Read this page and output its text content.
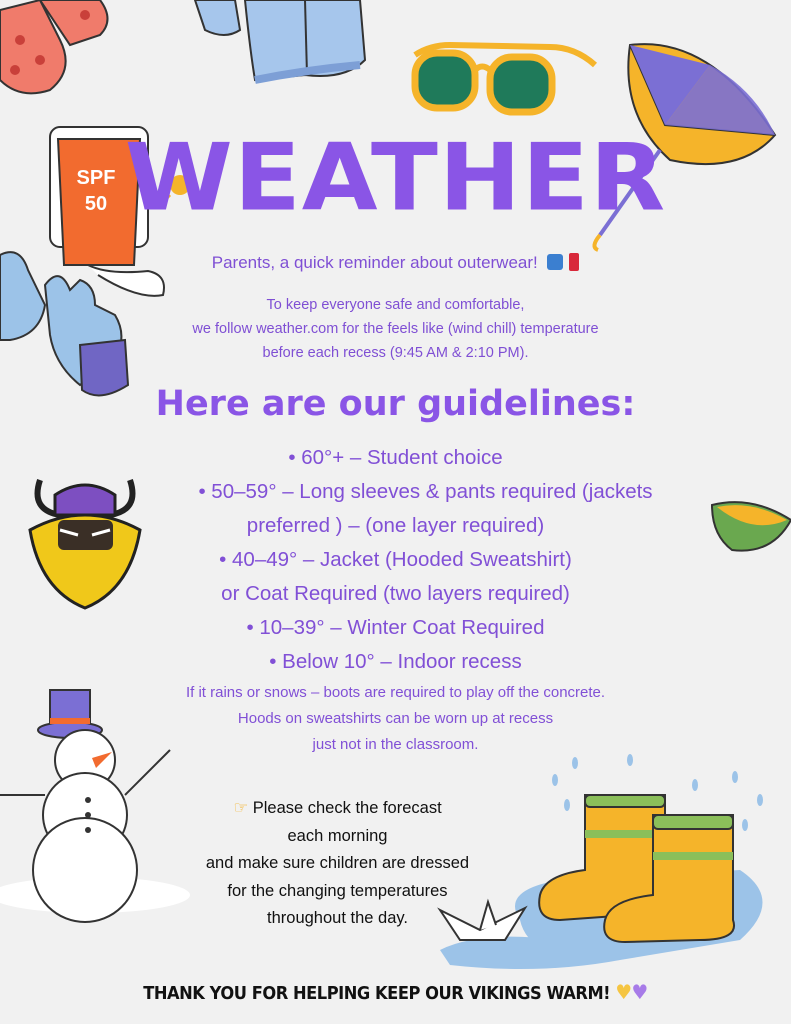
SPF
50 WEATHER
Parents, a quick reminder about outerwear!
To keep everyone safe and comfortable,
we follow weather.com for the feels like (wind chill) temperature
before each recess (9:45 AM & 2:10 PM).
Here are our guidelines:
• 60°+ – Student choice
• 50–59° – Long sleeves & pants required (jackets
preferred ) – (one layer required)
• 40–49° – Jacket (Hooded Sweatshirt)
or Coat Required (two layers required)
• 10–39° – Winter Coat Required
• Below 10° – Indoor recess
If it rains or snows – boots are required to play off the concrete.
Hoods on sweatshirts can be worn up at recess
just not in the classroom.
☞ Please check the forecast
each morning
and make sure children are dressed
for the changing temperatures
throughout the day.
THANK YOU FOR HELPING KEEP OUR VIKINGS WARM! ♥♥
